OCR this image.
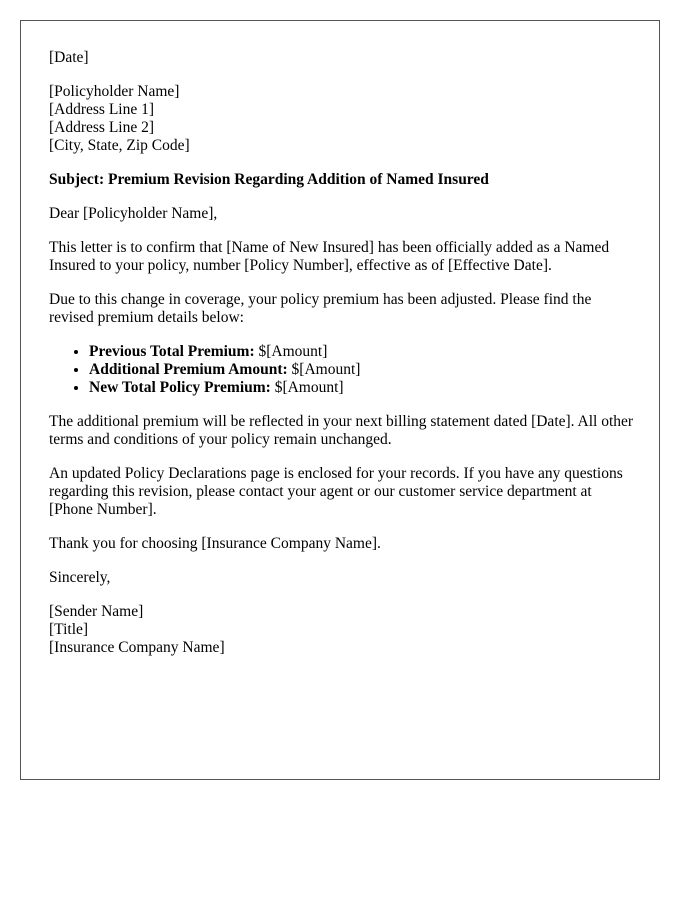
[Date]

[Policyholder Name]
[Address Line 1]
[Address Line 2]
[City, State, Zip Code]

Subject: Premium Revision Regarding Addition of Named Insured

Dear [Policyholder Name],

This letter is to confirm that [Name of New Insured] has been officially added as a Named Insured to your policy, number [Policy Number], effective as of [Effective Date].

Due to this change in coverage, your policy premium has been adjusted. Please find the revised premium details below:

• Previous Total Premium: $[Amount]
• Additional Premium Amount: $[Amount]
• New Total Policy Premium: $[Amount]

The additional premium will be reflected in your next billing statement dated [Date]. All other terms and conditions of your policy remain unchanged.

An updated Policy Declarations page is enclosed for your records. If you have any questions regarding this revision, please contact your agent or our customer service department at [Phone Number].

Thank you for choosing [Insurance Company Name].

Sincerely,

[Sender Name]
[Title]
[Insurance Company Name]
